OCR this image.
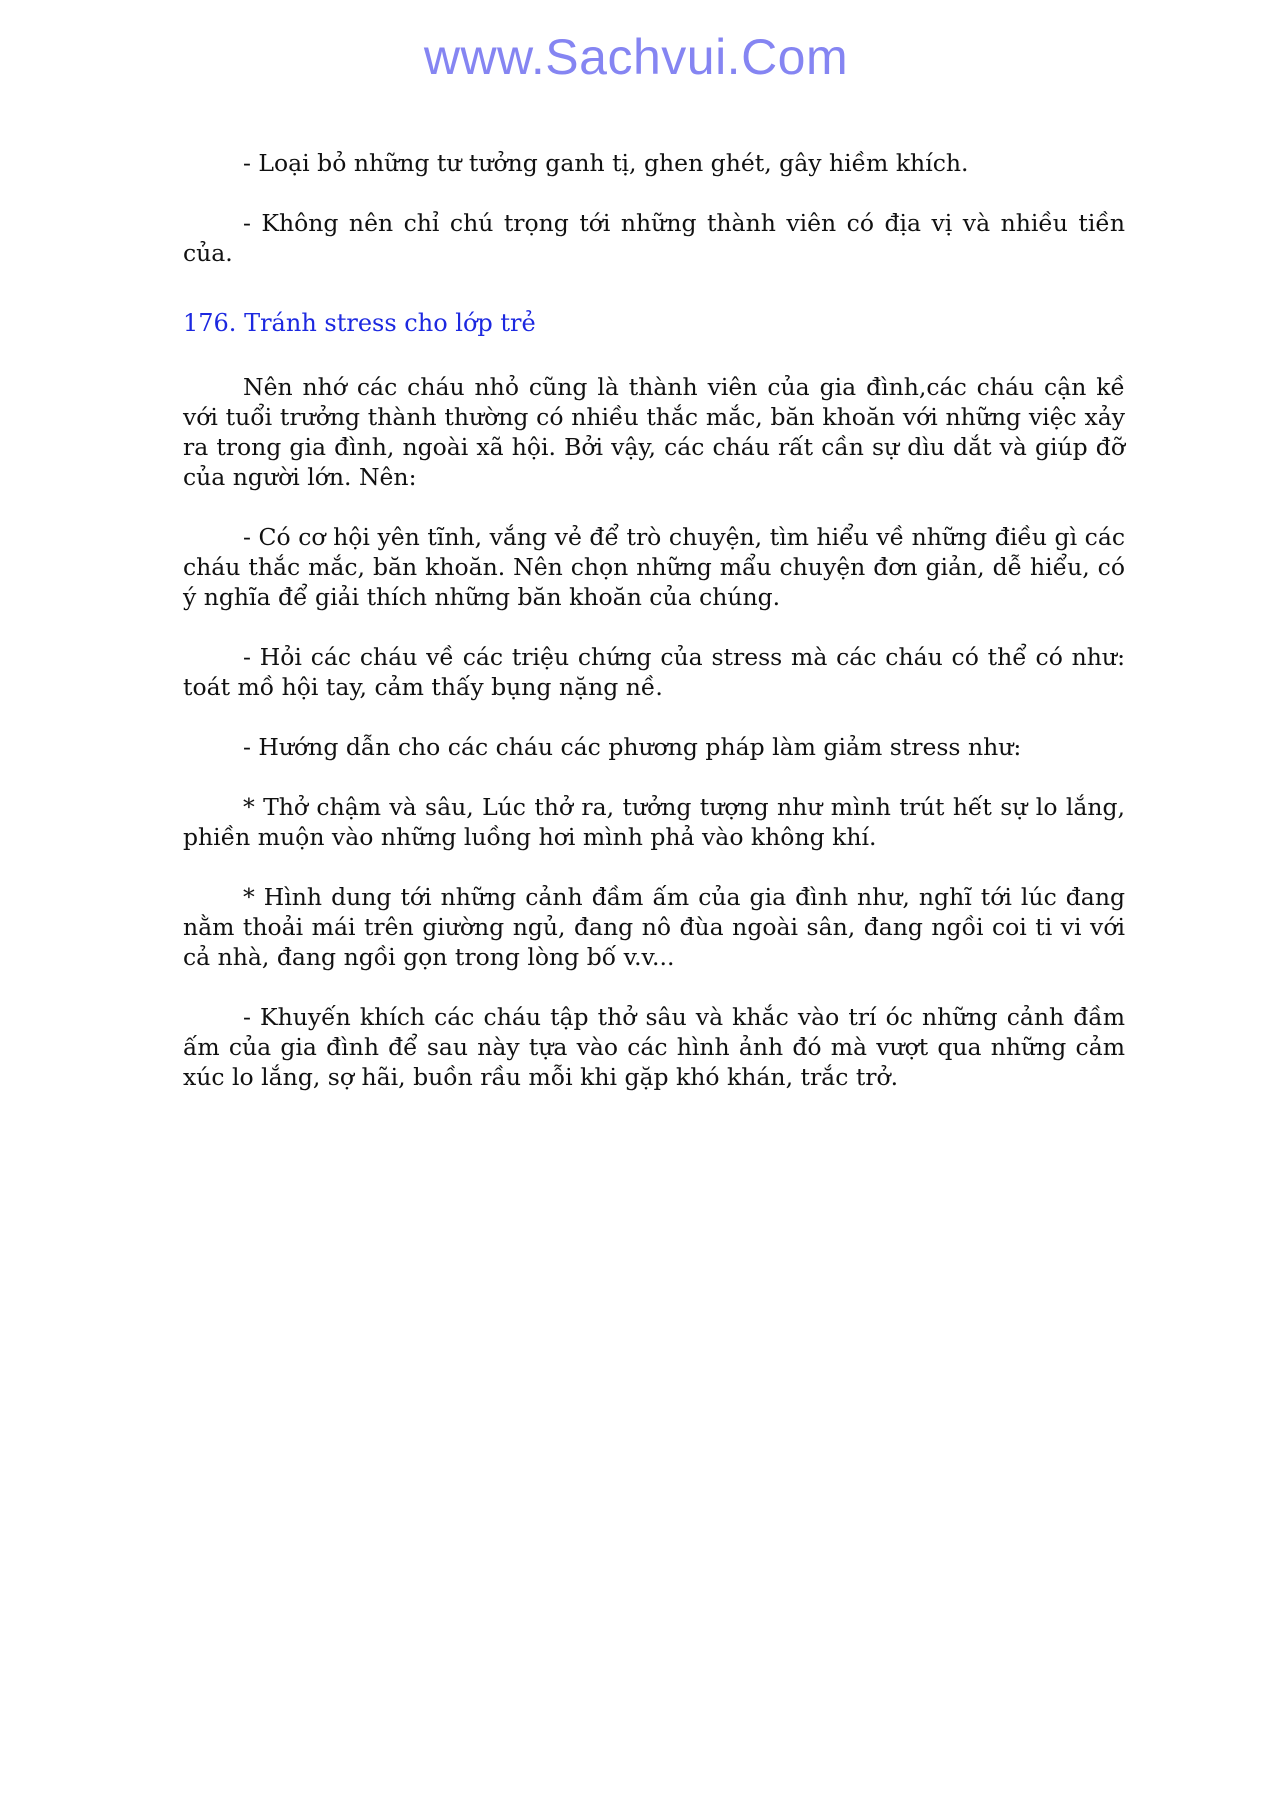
www.Sachvui.Com

- Loại bỏ những tư tưởng ganh tị, ghen ghét, gây hiềm khích.

- Không nên chỉ chú trọng tới những thành viên có địa vị và nhiều tiền của.

176. Tránh stress cho lớp trẻ

Nên nhớ các cháu nhỏ cũng là thành viên của gia đình,các cháu cận kề với tuổi trưởng thành thường có nhiều thắc mắc, băn khoăn với những việc xảy ra trong gia đình, ngoài xã hội. Bởi vậy, các cháu rất cần sự dìu dắt và giúp đỡ của người lớn. Nên:

- Có cơ hội yên tĩnh, vắng vẻ để trò chuyện, tìm hiểu về những điều gì các cháu thắc mắc, băn khoăn. Nên chọn những mẩu chuyện đơn giản, dễ hiểu, có ý nghĩa để giải thích những băn khoăn của chúng.

- Hỏi các cháu về các triệu chứng của stress mà các cháu có thể có như: toát mồ hội tay, cảm thấy bụng nặng nề.

- Hướng dẫn cho các cháu các phương pháp làm giảm stress như:

* Thở chậm và sâu, Lúc thở ra, tưởng tượng như mình trút hết sự lo lắng, phiền muộn vào những luồng hơi mình phả vào không khí.

* Hình dung tới những cảnh đầm ấm của gia đình như, nghĩ tới lúc đang nằm thoải mái trên giường ngủ, đang nô đùa ngoài sân, đang ngồi coi ti vi với cả nhà, đang ngồi gọn trong lòng bố v.v...

- Khuyến khích các cháu tập thở sâu và khắc vào trí óc những cảnh đầm ấm của gia đình để sau này tựa vào các hình ảnh đó mà vượt qua những cảm xúc lo lắng, sợ hãi, buồn rầu mỗi khi gặp khó khán, trắc trở.
